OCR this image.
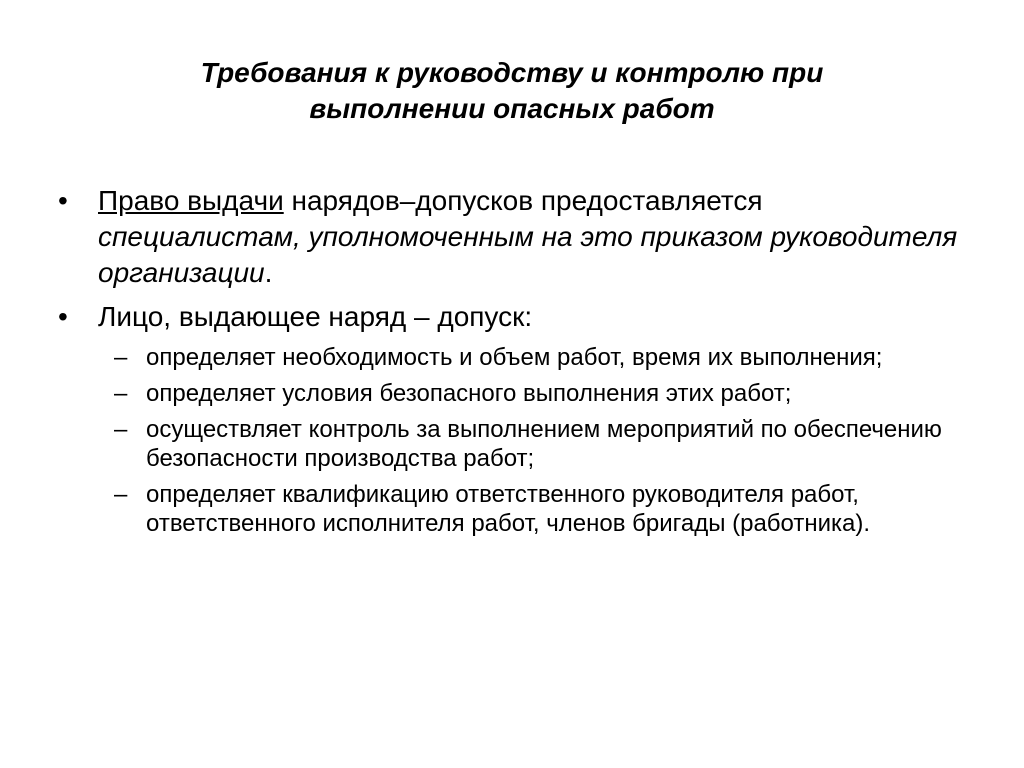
Требования к руководству и контролю при
выполнении опасных работ
• Право выдачи нарядов–допусков предоставляется специалистам, уполномоченным на это приказом руководителя организации.
• Лицо, выдающее наряд – допуск:
– определяет необходимость и объем работ, время их выполнения;
– определяет условия безопасного выполнения этих работ;
– осуществляет контроль за выполнением мероприятий по обеспечению безопасности производства работ;
– определяет квалификацию ответственного руководителя работ, ответственного исполнителя работ, членов бригады (работника).
